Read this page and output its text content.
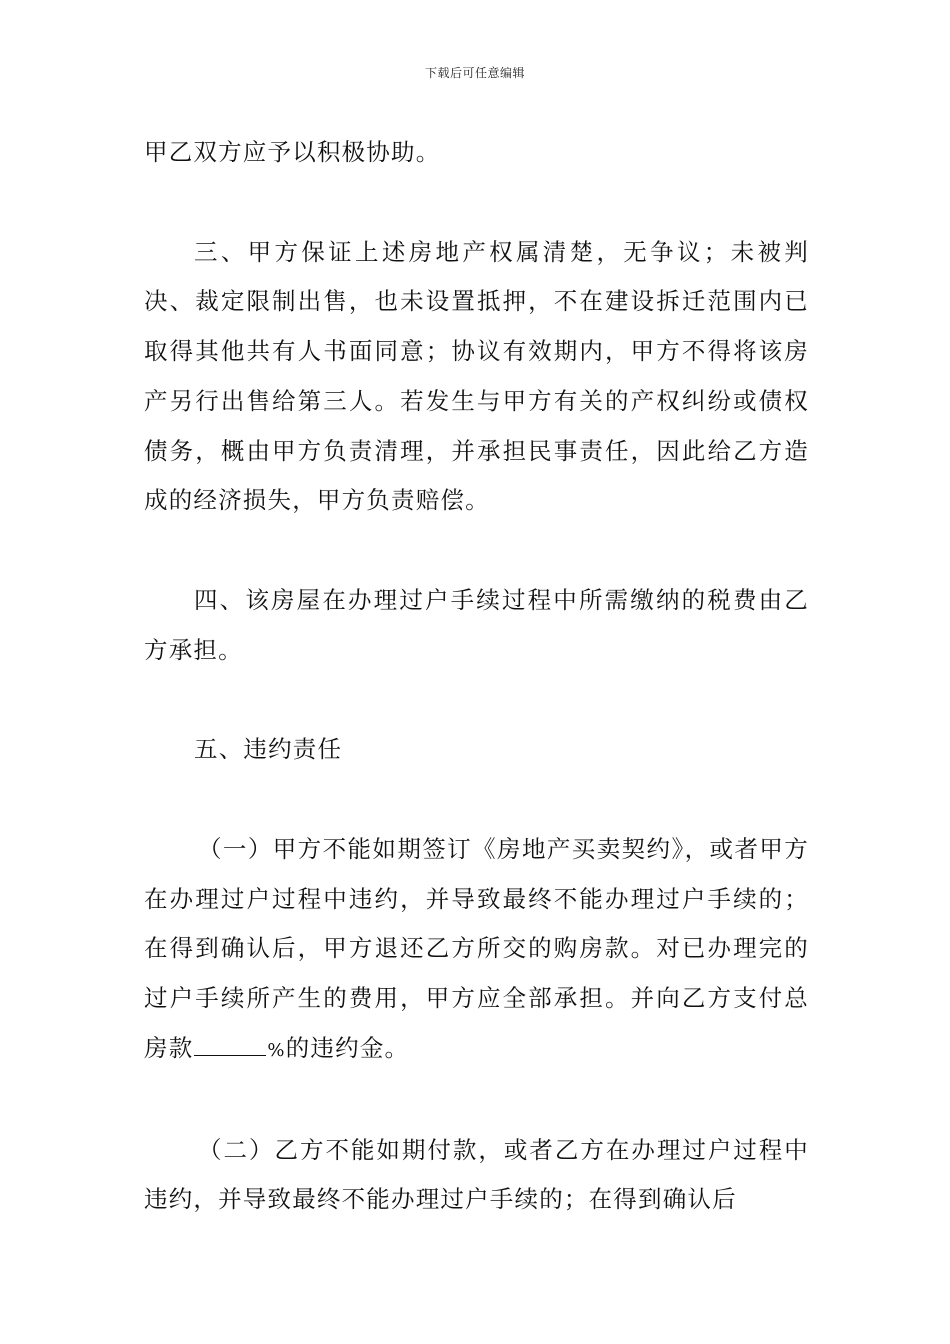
下载后可任意编辑

甲乙双方应予以积极协助。

三、甲方保证上述房地产权属清楚，无争议；未被判决、裁定限制出售，也未设置抵押，不在建设拆迁范围内已取得其他共有人书面同意；协议有效期内，甲方不得将该房产另行出售给第三人。若发生与甲方有关的产权纠纷或债权债务，概由甲方负责清理，并承担民事责任，因此给乙方造成的经济损失，甲方负责赔偿。

四、该房屋在办理过户手续过程中所需缴纳的税费由乙方承担。

五、违约责任

（一）甲方不能如期签订《房地产买卖契约》，或者甲方在办理过户过程中违约，并导致最终不能办理过户手续的；在得到确认后，甲方退还乙方所交的购房款。对已办理完的过户手续所产生的费用，甲方应全部承担。并向乙方支付总房款	%的违约金。

（二）乙方不能如期付款，或者乙方在办理过户过程中违约，并导致最终不能办理过户手续的；在得到确认后
